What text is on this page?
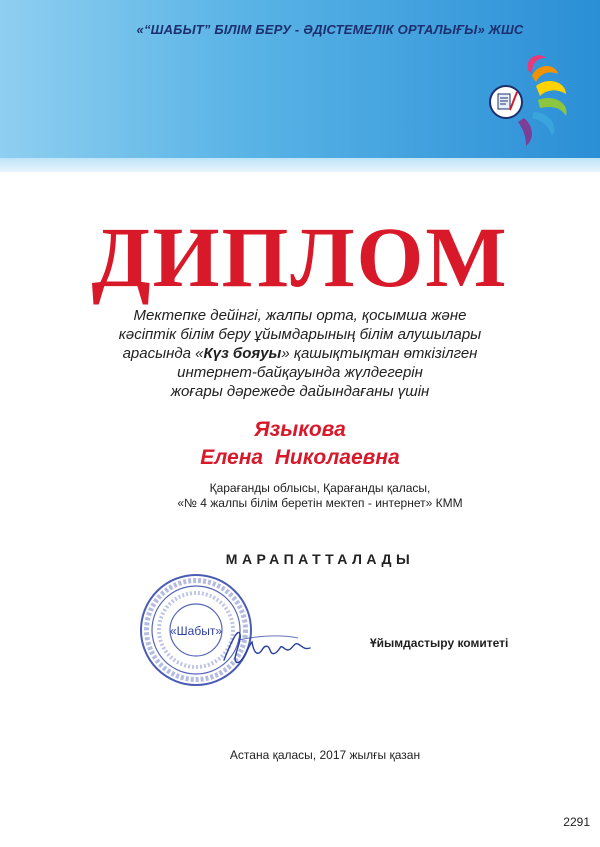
«“ШАБЫТ” БІЛІМ БЕРУ - ӘДІСТЕМЕЛІК ОРТАЛЫҒЫ» ЖШС
ДИПЛОМ
Мектепке дейінгі, жалпы орта, қосымша және
кәсіптік білім беру ұйымдарының білім алушылары
арасында «Күз бояуы» қашықтықтан өткізілген
интернет-байқауында жүлдегерін
жоғары дәрежеде дайындағаны үшін
Языкова
Елена  Николаевна
Қарағанды облысы, Қарағанды қаласы,
«№ 4 жалпы білім беретін мектеп - интернет» КММ
МАРАПАТТАЛАДЫ
«Шабыт»
Ұйымдастыру комитеті
Астана қаласы, 2017 жылғы қазан
2291
